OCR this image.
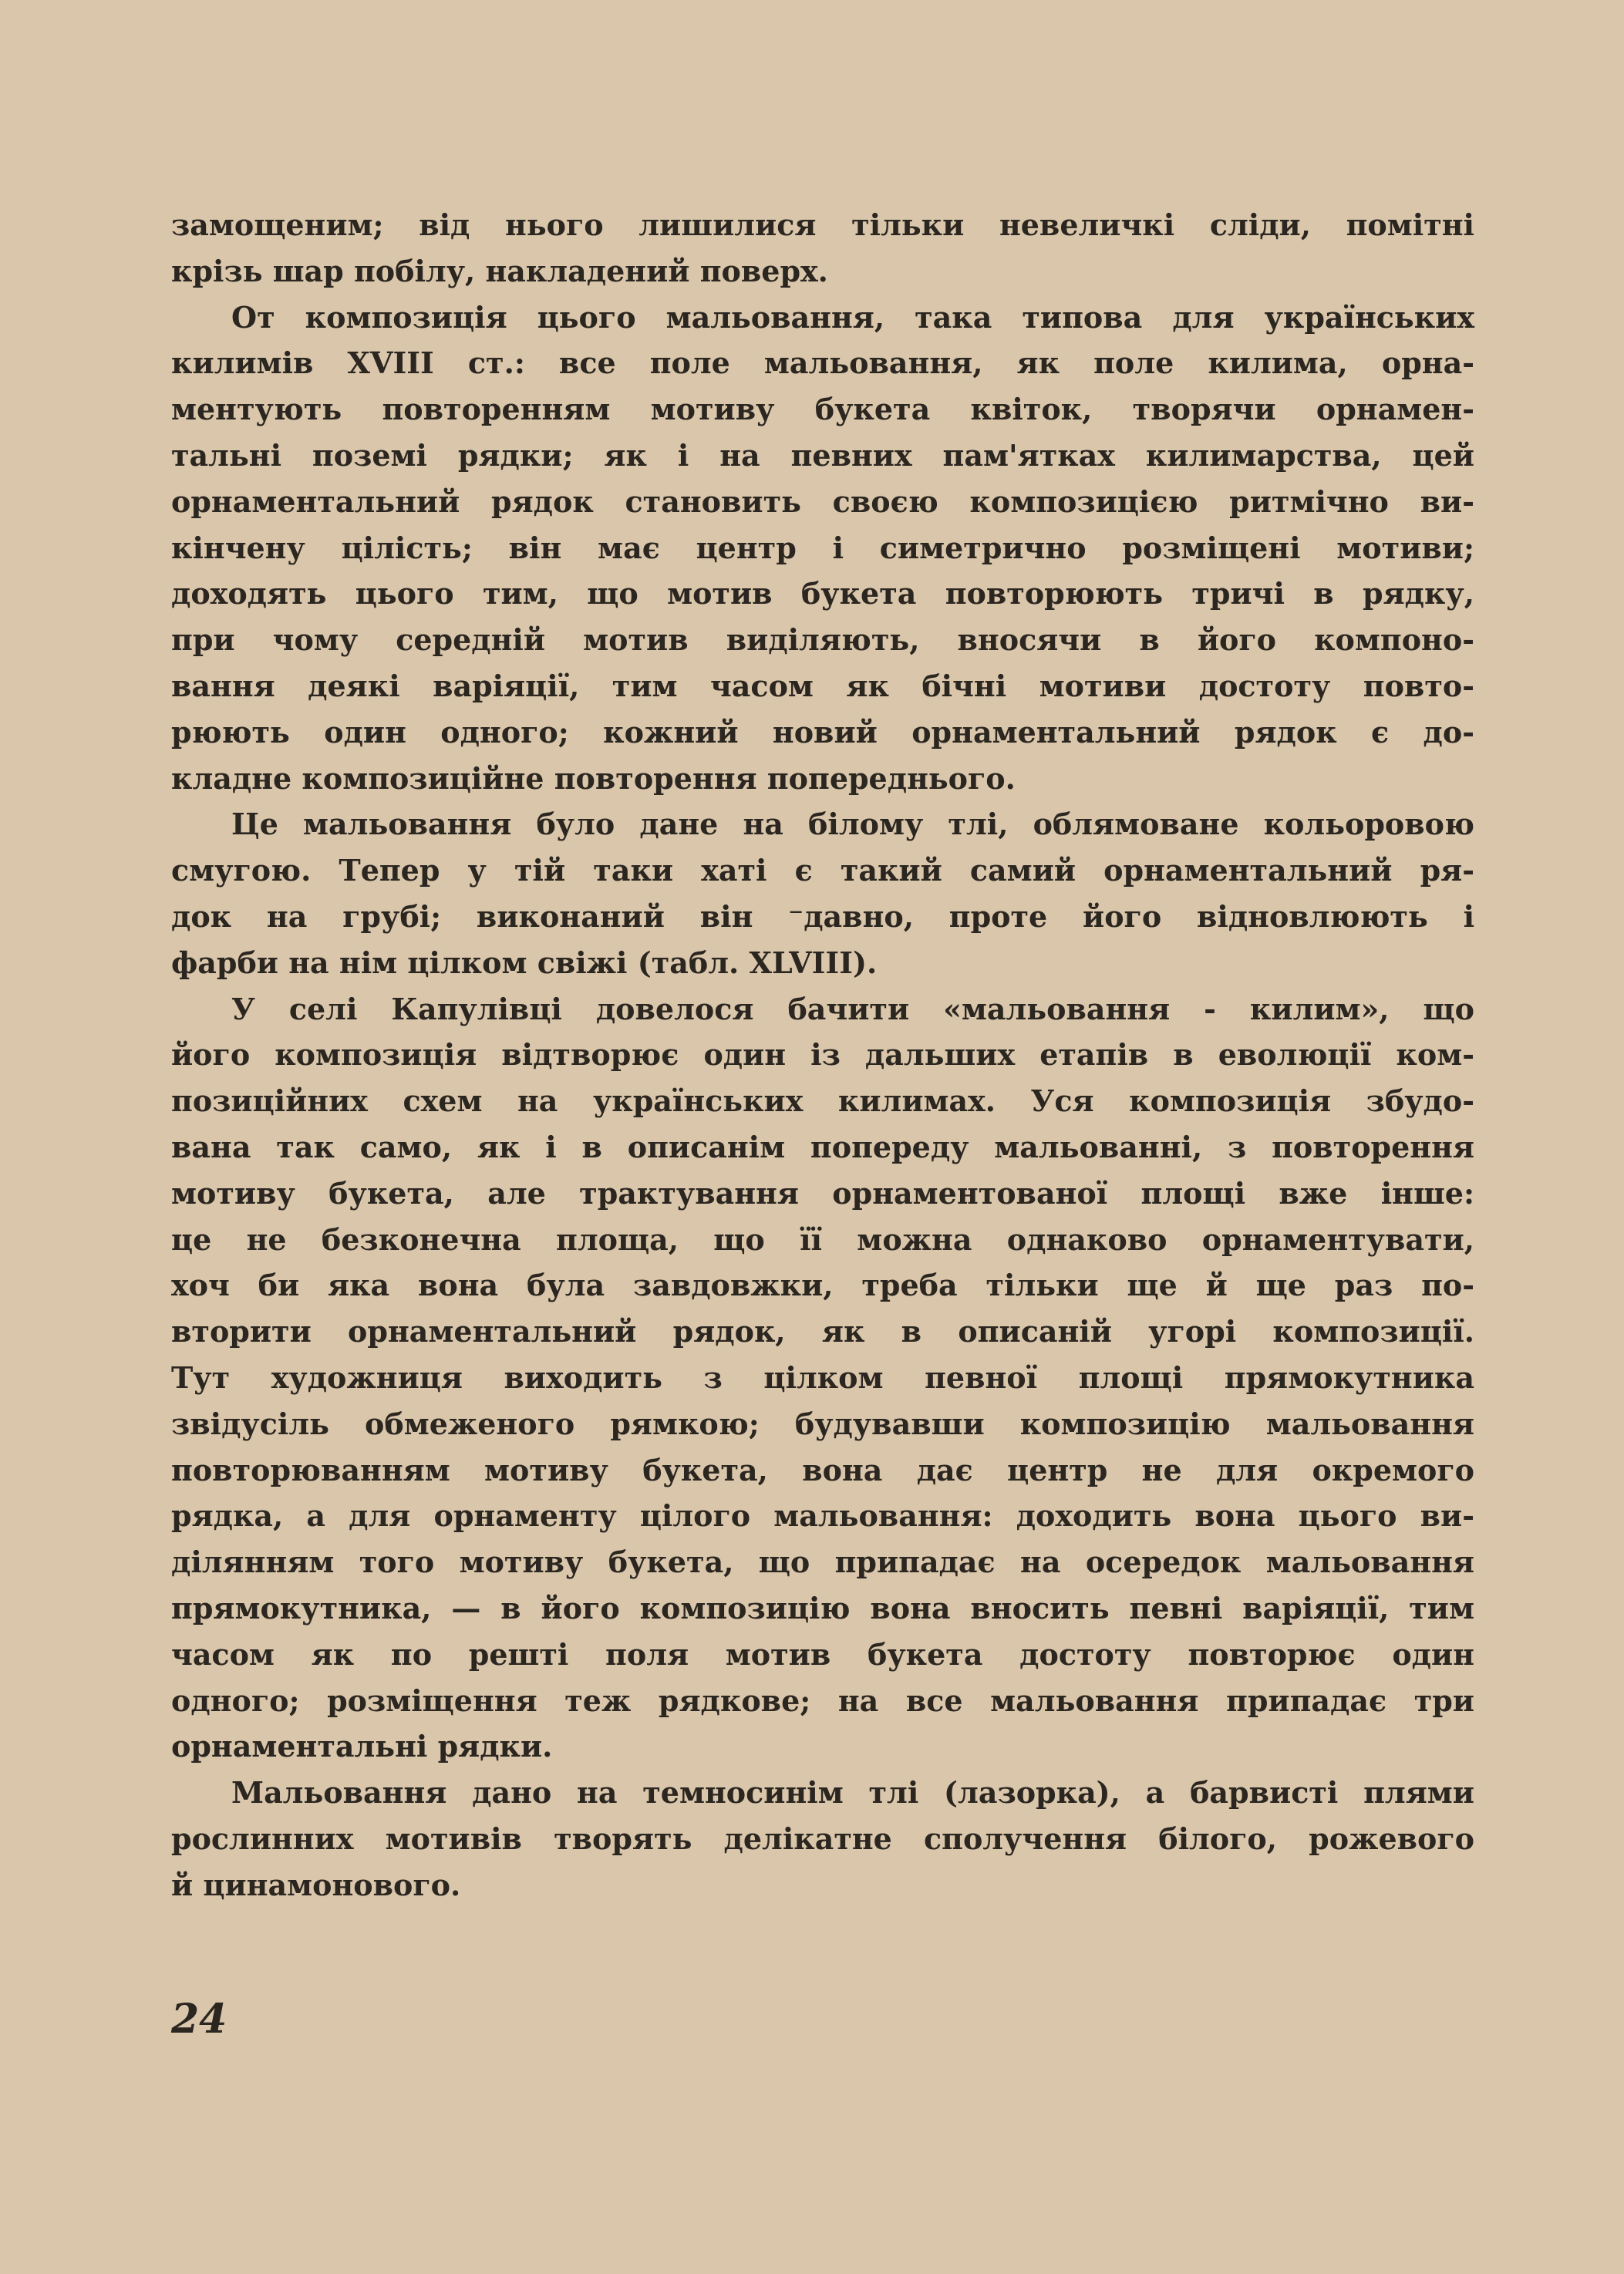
замощеним; від нього лишилися тільки невеличкі сліди, помітні
крізь шар побілу, накладений поверх.
От композиція цього мальовання, така типова для українських
килимів XVIII ст.: все поле мальовання, як поле килима, орна-
ментують повторенням мотиву букета квіток, творячи орнамен-
тальні поземі рядки; як і на певних пам'ятках килимарства, цей
орнаментальний рядок становить своєю композицією ритмічно ви-
кінчену цілість; він має центр і симетрично розміщені мотиви;
доходять цього тим, що мотив букета повторюють тричі в рядку,
при чому середній мотив виділяють, вносячи в його компоно-
вання деякі варіяції, тим часом як бічні мотиви достоту повто-
рюють один одного; кожний новий орнаментальний рядок є до-
кладне композиційне повторення попереднього.
Це мальовання було дане на білому тлі, облямоване кольоровою
смугою. Тепер у тій таки хаті є такий самий орнаментальний ря-
док на грубі; виконаний він ⁻давно, проте його відновлюють і
фарби на нім цілком свіжі (табл. XLVIII).
У селі Капулівці довелося бачити «мальовання - килим», що
його композиція відтворює один із дальших етапів в еволюції ком-
позиційних схем на українських килимах. Уся композиція збудо-
вана так само, як і в описанім попереду мальованні, з повторення
мотиву букета, але трактування орнаментованої площі вже інше:
це не безконечна площа, що її можна однаково орнаментувати,
хоч би яка вона була завдовжки, треба тільки ще й ще раз по-
вторити орнаментальний рядок, як в описаній угорі композиції.
Тут художниця виходить з цілком певної площі прямокутника
звідусіль обмеженого рямкою; будувавши композицію мальовання
повторюванням мотиву букета, вона дає центр не для окремого
рядка, а для орнаменту цілого мальовання: доходить вона цього ви-
ділянням того мотиву букета, що припадає на осередок мальовання
прямокутника, — в його композицію вона вносить певні варіяції, тим
часом як по решті поля мотив букета достоту повторює один
одного; розміщення теж рядкове; на все мальовання припадає три
орнаментальні рядки.
Мальовання дано на темносинім тлі (лазорка), а барвисті плями
рослинних мотивів творять делікатне сполучення білого, рожевого
й цинамонового.
24
